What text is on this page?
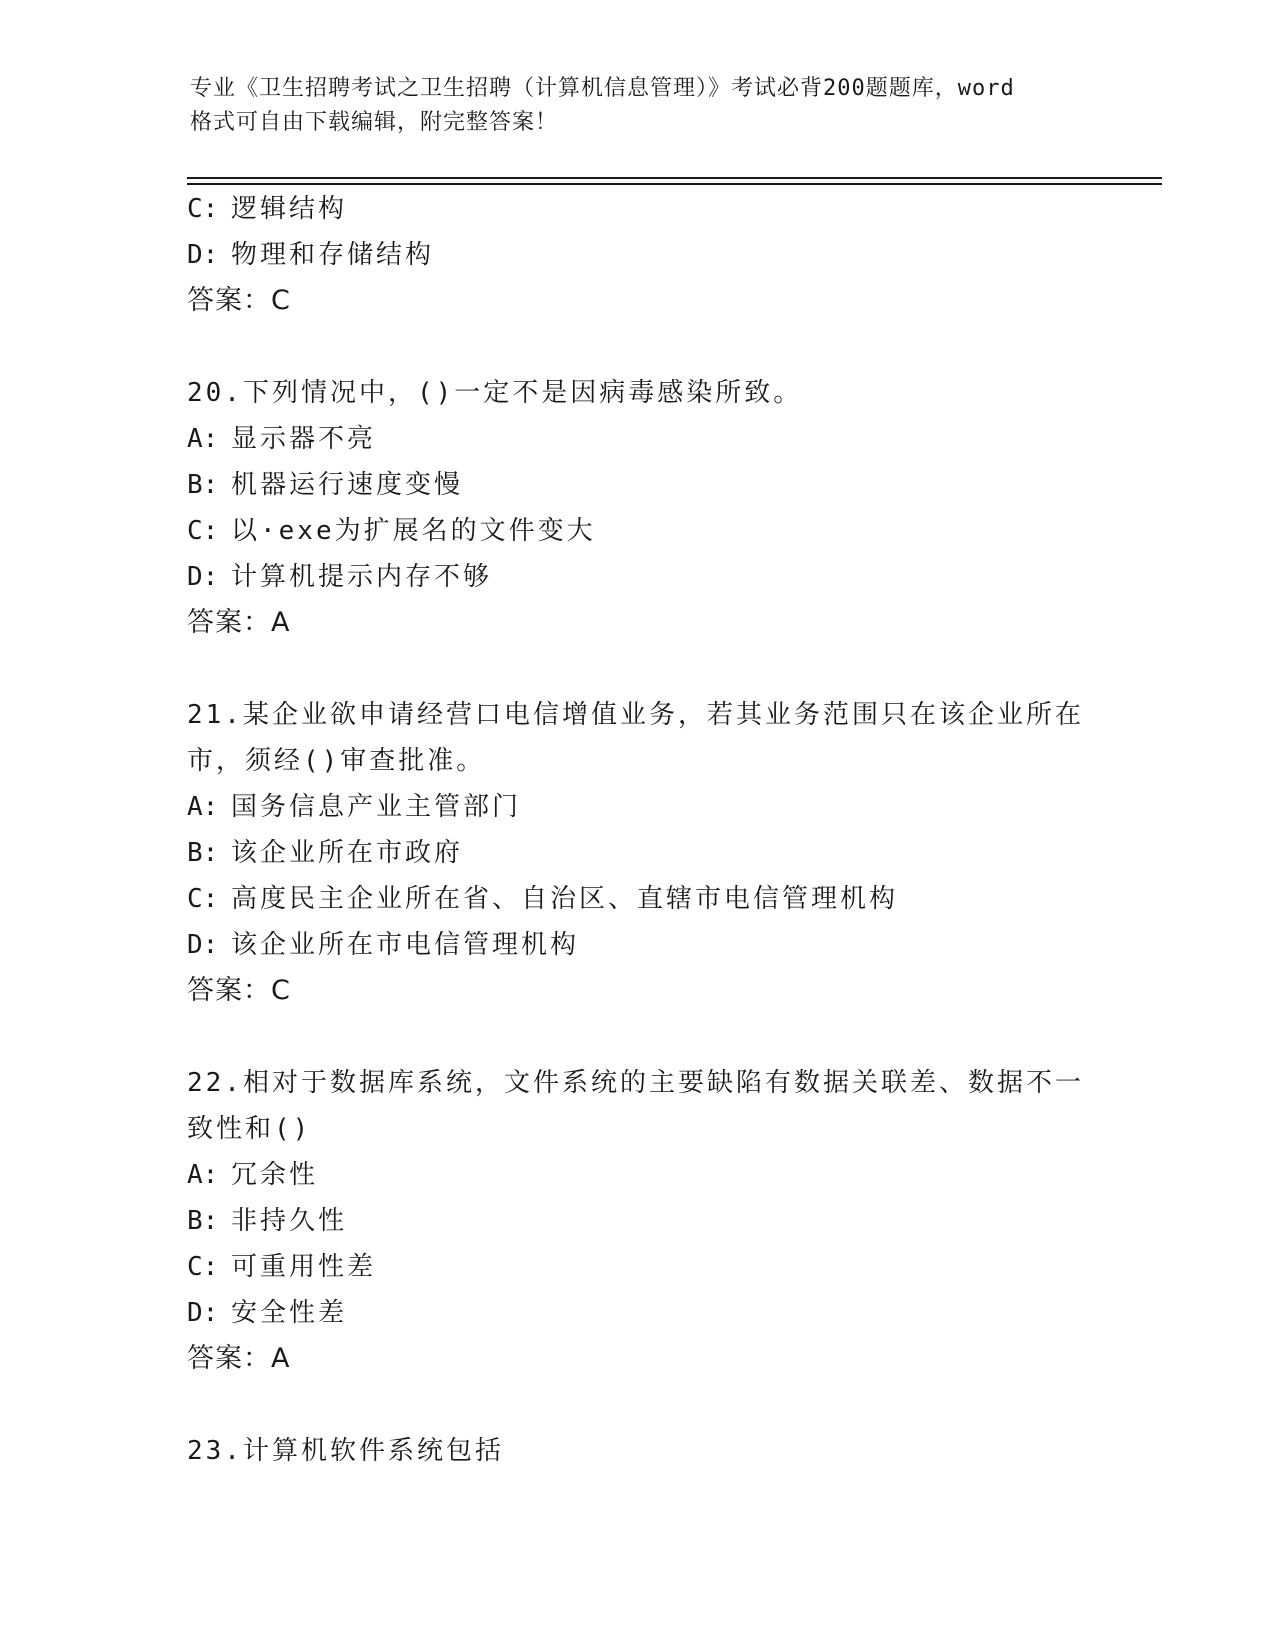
专业《卫生招聘考试之卫生招聘（计算机信息管理）》考试必背200题题库，word
格式可自由下载编辑，附完整答案！
C: 逻辑结构
D: 物理和存储结构
答案：C
20.下列情况中，()一定不是因病毒感染所致。
A: 显示器不亮
B: 机器运行速度变慢
C: 以·exe为扩展名的文件变大
D: 计算机提示内存不够
答案：A
21.某企业欲申请经营口电信增值业务，若其业务范围只在该企业所在
市，须经()审查批准。
A: 国务信息产业主管部门
B: 该企业所在市政府
C: 高度民主企业所在省、自治区、直辖市电信管理机构
D: 该企业所在市电信管理机构
答案：C
22.相对于数据库系统，文件系统的主要缺陷有数据关联差、数据不一
致性和()
A: 冗余性
B: 非持久性
C: 可重用性差
D: 安全性差
答案：A
23.计算机软件系统包括
